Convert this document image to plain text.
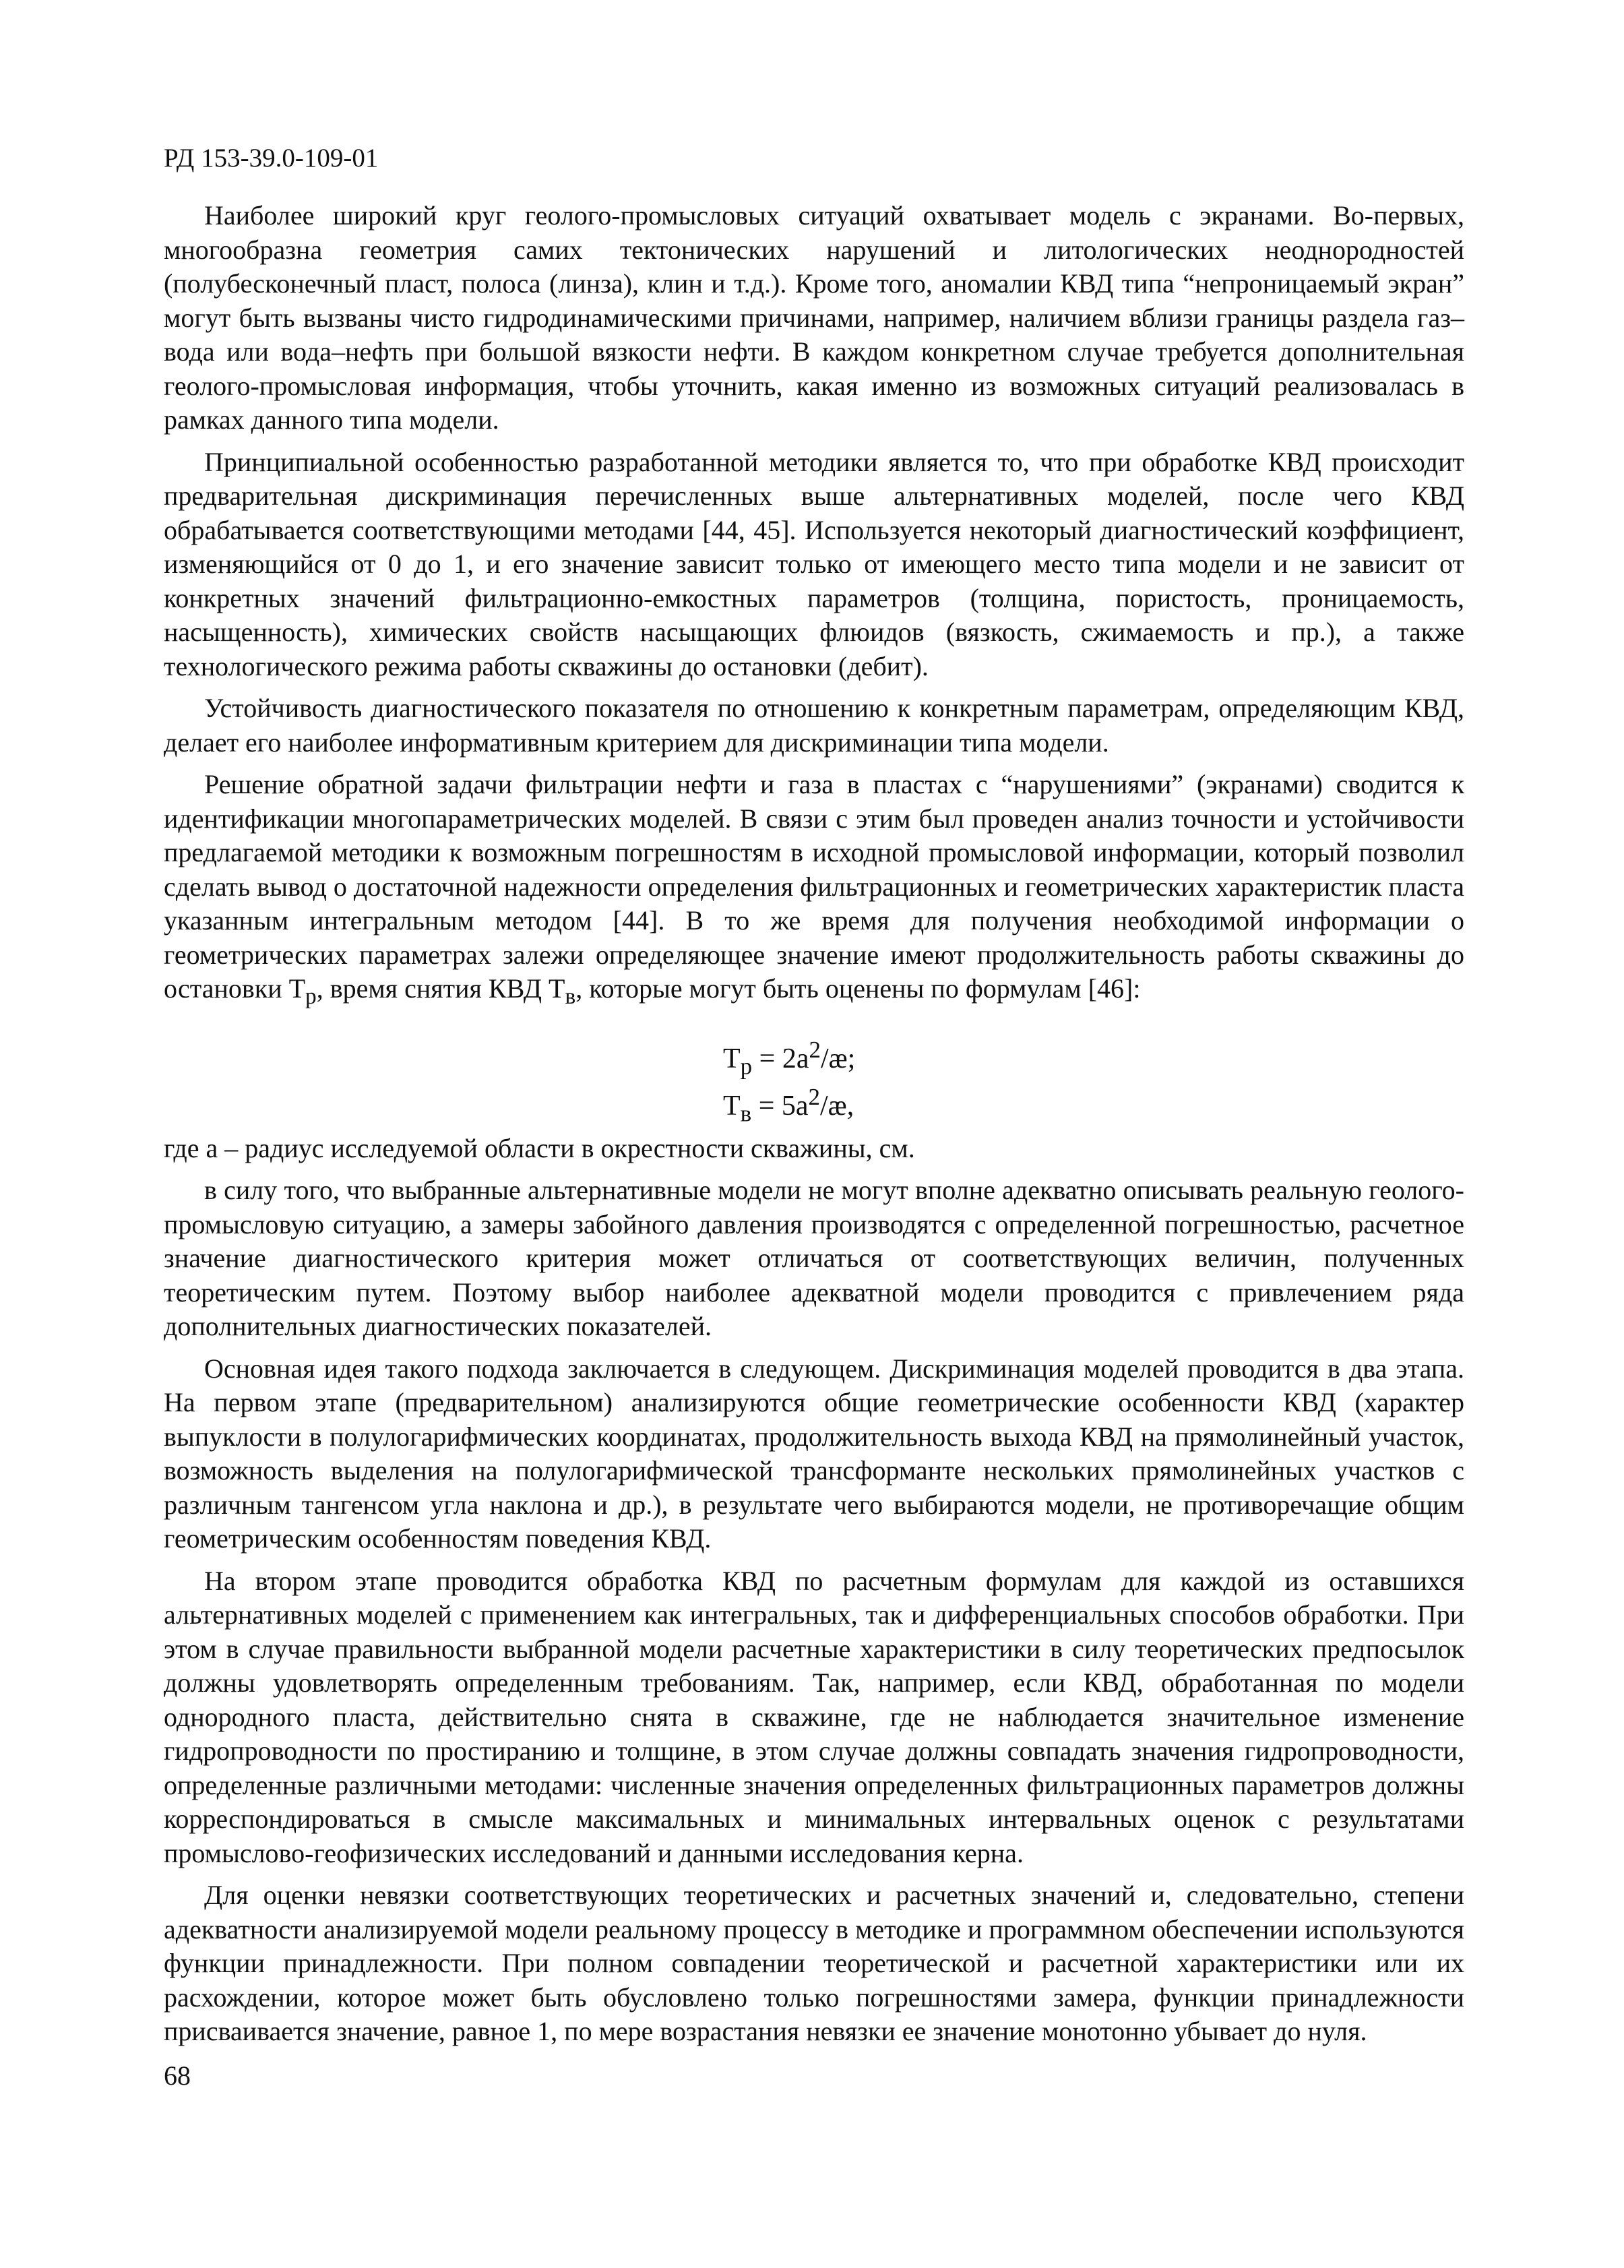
РД 153-39.0-109-01

Наиболее широкий круг геолого-промысловых ситуаций охватывает модель с экранами. Во-первых, многообразна геометрия самих тектонических нарушений и литологических неоднородностей (полубесконечный пласт, полоса (линза), клин и т.д.). Кроме того, аномалии КВД типа “непроницаемый экран” могут быть вызваны чисто гидродинамическими причинами, например, наличием вблизи границы раздела газ–вода или вода–нефть при большой вязкости нефти. В каждом конкретном случае требуется дополнительная геолого-промысловая информация, чтобы уточнить, какая именно из возможных ситуаций реализовалась в рамках данного типа модели.

Принципиальной особенностью разработанной методики является то, что при обработке КВД происходит предварительная дискриминация перечисленных выше альтернативных моделей, после чего КВД обрабатывается соответствующими методами [44, 45]. Используется некоторый диагностический коэффициент, изменяющийся от 0 до 1, и его значение зависит только от имеющего место типа модели и не зависит от конкретных значений фильтрационно-емкостных параметров (толщина, пористость, проницаемость, насыщенность), химических свойств насыщающих флюидов (вязкость, сжимаемость и пр.), а также технологического режима работы скважины до остановки (дебит).

Устойчивость диагностического показателя по отношению к конкретным параметрам, определяющим КВД, делает его наиболее информативным критерием для дискриминации типа модели.

Решение обратной задачи фильтрации нефти и газа в пластах с “нарушениями” (экранами) сводится к идентификации многопараметрических моделей. В связи с этим был проведен анализ точности и устойчивости предлагаемой методики к возможным погрешностям в исходной промысловой информации, который позволил сделать вывод о достаточной надежности определения фильтрационных и геометрических характеристик пласта указанным интегральным методом [44]. В то же время для получения необходимой информации о геометрических параметрах залежи определяющее значение имеют продолжительность работы скважины до остановки $Т_р$, время снятия КВД $Т_в$, которые могут быть оценены по формулам [46]:

$Т_р$ = $2a^2/æ$;
$Т_в$ = $5a^2/æ$,

где а – радиус исследуемой области в окрестности скважины, см.

в силу того, что выбранные альтернативные модели не могут вполне адекватно описывать реальную геолого-промысловую ситуацию, а замеры забойного давления производятся с определенной погрешностью, расчетное значение диагностического критерия может отличаться от соответствующих величин, полученных теоретическим путем. Поэтому выбор наиболее адекватной модели проводится с привлечением ряда дополнительных диагностических показателей.

Основная идея такого подхода заключается в следующем. Дискриминация моделей проводится в два этапа. На первом этапе (предварительном) анализируются общие геометрические особенности КВД (характер выпуклости в полулогарифмических координатах, продолжительность выхода КВД на прямолинейный участок, возможность выделения на полулогарифмической трансформанте нескольких прямолинейных участков с различным тангенсом угла наклона и др.), в результате чего выбираются модели, не противоречащие общим геометрическим особенностям поведения КВД.

На втором этапе проводится обработка КВД по расчетным формулам для каждой из оставшихся альтернативных моделей с применением как интегральных, так и дифференциальных способов обработки. При этом в случае правильности выбранной модели расчетные характеристики в силу теоретических предпосылок должны удовлетворять определенным требованиям. Так, например, если КВД, обработанная по модели однородного пласта, действительно снята в скважине, где не наблюдается значительное изменение гидропроводности по простиранию и толщине, в этом случае должны совпадать значения гидропроводности, определенные различными методами: численные значения определенных фильтрационных параметров должны корреспондироваться в смысле максимальных и минимальных интервальных оценок с результатами промыслово-геофизических исследований и данными исследования керна.

Для оценки невязки соответствующих теоретических и расчетных значений и, следовательно, степени адекватности анализируемой модели реальному процессу в методике и программном обеспечении используются функции принадлежности. При полном совпадении теоретической и расчетной характеристики или их расхождении, которое может быть обусловлено только погрешностями замера, функции принадлежности присваивается значение, равное 1, по мере возрастания невязки ее значение монотонно убывает до нуля.

68
